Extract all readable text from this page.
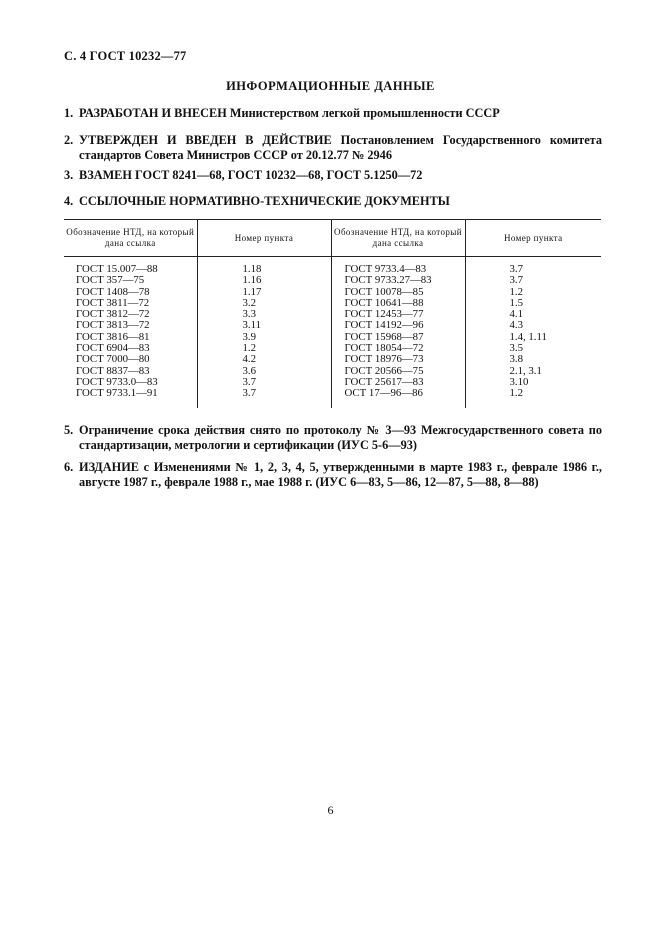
С. 4 ГОСТ 10232—77
ИНФОРМАЦИОННЫЕ ДАННЫЕ
1. РАЗРАБОТАН И ВНЕСЕН Министерством легкой промышленности СССР
2. УТВЕРЖДЕН И ВВЕДЕН В ДЕЙСТВИЕ Постановлением Государственного комитета стандартов Совета Министров СССР от 20.12.77 № 2946
3. ВЗАМЕН ГОСТ 8241—68, ГОСТ 10232—68, ГОСТ 5.1250—72
4. ССЫЛОЧНЫЕ НОРМАТИВНО-ТЕХНИЧЕСКИЕ ДОКУМЕНТЫ
Обозначение НТД, на который дана ссылка	Номер пункта	Обозначение НТД, на который дана ссылка	Номер пункта
ГОСТ 15.007—88	1.18	ГОСТ 9733.4—83	3.7
ГОСТ 357—75	1.16	ГОСТ 9733.27—83	3.7
ГОСТ 1408—78	1.17	ГОСТ 10078—85	1.2
ГОСТ 3811—72	3.2	ГОСТ 10641—88	1.5
ГОСТ 3812—72	3.3	ГОСТ 12453—77	4.1
ГОСТ 3813—72	3.11	ГОСТ 14192—96	4.3
ГОСТ 3816—81	3.9	ГОСТ 15968—87	1.4, 1.11
ГОСТ 6904—83	1.2	ГОСТ 18054—72	3.5
ГОСТ 7000—80	4.2	ГОСТ 18976—73	3.8
ГОСТ 8837—83	3.6	ГОСТ 20566—75	2.1, 3.1
ГОСТ 9733.0—83	3.7	ГОСТ 25617—83	3.10
ГОСТ 9733.1—91	3.7	ОСТ 17—96—86	1.2
5. Ограничение срока действия снято по протоколу № 3—93 Межгосударственного совета по стандартизации, метрологии и сертификации (ИУС 5-6—93)
6. ИЗДАНИЕ с Изменениями № 1, 2, 3, 4, 5, утвержденными в марте 1983 г., феврале 1986 г., августе 1987 г., феврале 1988 г., мае 1988 г. (ИУС 6—83, 5—86, 12—87, 5—88, 8—88)
6
